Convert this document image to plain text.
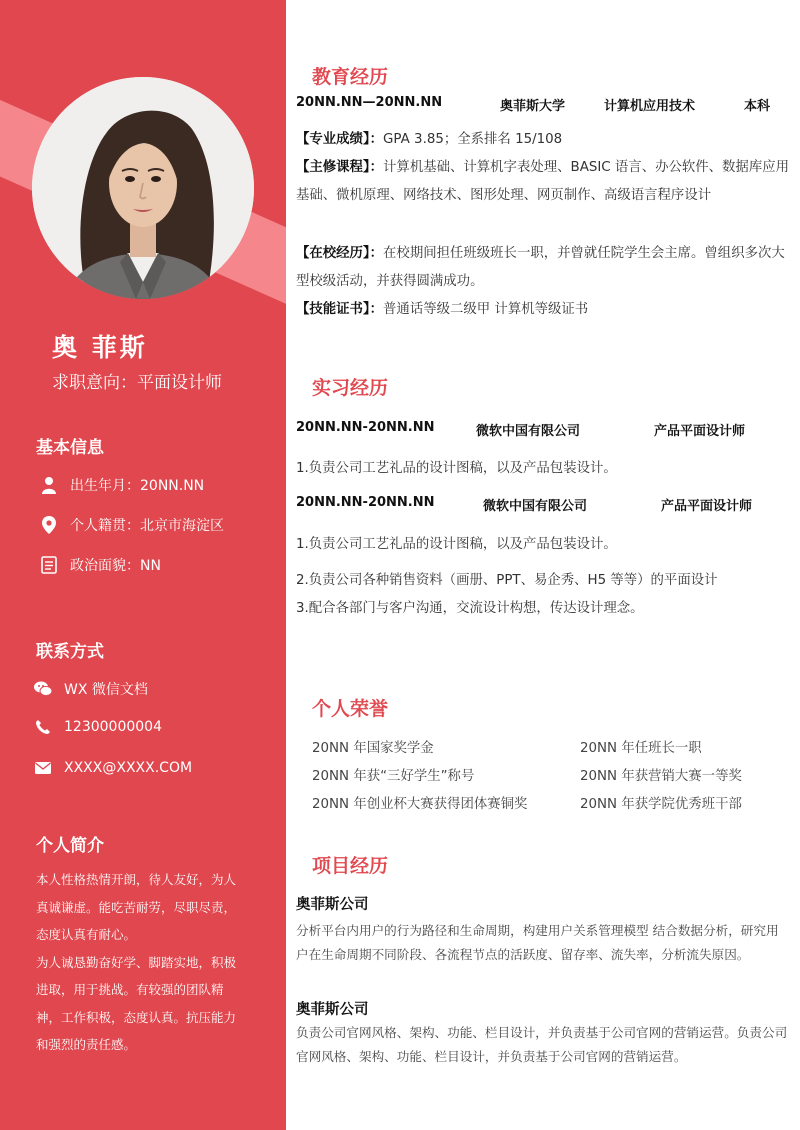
奥 菲斯
求职意向：平面设计师
基本信息
出生年月：20NN.NN
个人籍贯：北京市海淀区
政治面貌：NN
联系方式
WX 微信文档
12300000004
XXXX@XXXX.COM
个人简介

本人性格热情开朗，待人友好，为人真诚谦虚。能吃苦耐劳，尽职尽责，态度认真有耐心。

为人诚恳勤奋好学、脚踏实地，积极进取，用于挑战。有较强的团队精神，工作积极，态度认真。抗压能力和强烈的责任感。

教育经历
20NN.NN—20NN.NN	奥菲斯大学	计算机应用技术	本科

【专业成绩】：GPA 3.85；全系排名 15/108

【主修课程】：计算机基础、计算机字表处理、BASIC 语言、办公软件、数据库应用基础、微机原理、网络技术、图形处理、网页制作、高级语言程序设计

【在校经历】：在校期间担任班级班长一职，并曾就任院学生会主席。曾组织多次大型校级活动，并获得圆满成功。

【技能证书】：普通话等级二级甲 计算机等级证书

实习经历
20NN.NN-20NN.NN	微软中国有限公司	产品平面设计师
1.负责公司工艺礼品的设计图稿，以及产品包装设计。
20NN.NN-20NN.NN	微软中国有限公司	产品平面设计师
1.负责公司工艺礼品的设计图稿，以及产品包装设计。
2.负责公司各种销售资料（画册、PPT、易企秀、H5 等等）的平面设计
3.配合各部门与客户沟通，交流设计构想，传达设计理念。
个人荣誉
20NN 年国家奖学金	20NN 年任班长一职
20NN 年获“三好学生”称号	20NN 年获营销大赛一等奖
20NN 年创业杯大赛获得团体赛铜奖	20NN 年获学院优秀班干部
项目经历
奥菲斯公司

分析平台内用户的行为路径和生命周期，构建用户关系管理模型 结合数据分析，研究用户在生命周期不同阶段、各流程节点的活跃度、留存率、流失率，分析流失原因。

奥菲斯公司

负责公司官网风格、架构、功能、栏目设计，并负责基于公司官网的营销运营。负责公司官网风格、架构、功能、栏目设计，并负责基于公司官网的营销运营。
